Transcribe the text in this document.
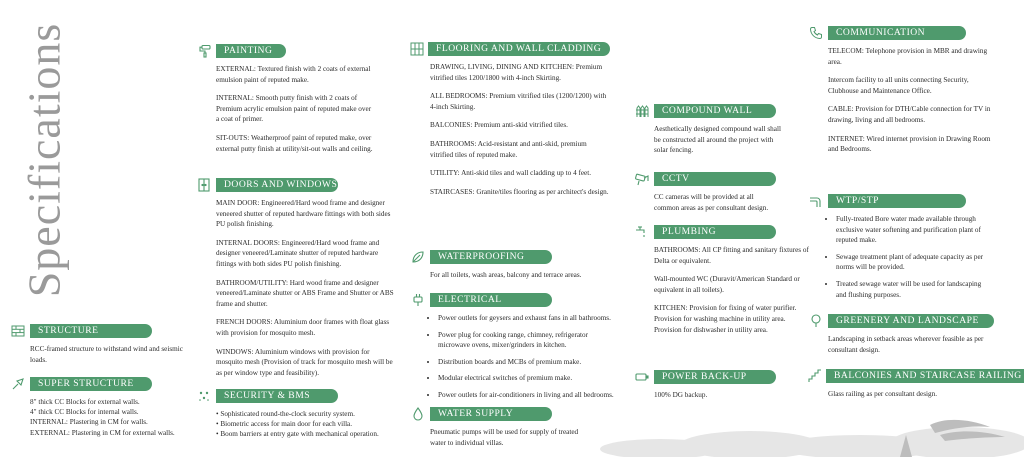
Specifications
STRUCTURE

RCC-framed structure to withstand wind and seismic loads.

SUPER STRUCTURE
8" thick CC Blocks for external walls.
4" thick CC Blocks for internal walls.
INTERNAL: Plastering in CM for walls.
EXTERNAL: Plastering in CM for external walls.
PAINTING

EXTERNAL: Textured finish with 2 coats of external emulsion paint of reputed make.

INTERNAL: Smooth putty finish with 2 coats of Premium acrylic emulsion paint of reputed make over a coat of primer.

SIT-OUTS: Weatherproof paint of reputed make, over external putty finish at utility/sit-out walls and ceiling.

DOORS AND WINDOWS

MAIN DOOR: Engineered/Hard wood frame and designer veneered shutter of reputed hardware fittings with both sides PU polish finishing.

INTERNAL DOORS: Engineered/Hard wood frame and designer veneered/Laminate shutter of reputed hardware fittings with both sides PU polish finishing.

BATHROOM/UTILITY: Hard wood frame and designer veneered/Laminate shutter or ABS Frame and Shutter or ABS frame and shutter.

FRENCH DOORS: Aluminium door frames with float glass with provision for mosquito mesh.

WINDOWS: Aluminium windows with provision for mosquito mesh (Provision of track for mosquito mesh will be as per window type and feasibility).

SECURITY & BMS
• Sophisticated round-the-clock security system.
• Biometric access for main door for each villa.
• Boom barriers at entry gate with mechanical operation.
FLOORING AND WALL CLADDING

DRAWING, LIVING, DINING AND KITCHEN: Premium vitrified tiles 1200/1800 with 4-inch Skirting.

ALL BEDROOMS: Premium vitrified tiles (1200/1200) with 4-inch Skirting.

BALCONIES: Premium anti-skid vitrified tiles.

BATHROOMS: Acid-resistant and anti-skid, premium vitrified tiles of reputed make.

UTILITY: Anti-skid tiles and wall cladding up to 4 feet.

STAIRCASES: Granite/tiles flooring as per architect's design.

WATERPROOFING

For all toilets, wash areas, balcony and terrace areas.

ELECTRICAL
• Power outlets for geysers and exhaust fans in all bathrooms.
• Power plug for cooking range, chimney, refrigerator microwave ovens, mixer/grinders in kitchen.
• Distribution boards and MCBs of premium make.
• Modular electrical switches of premium make.
• Power outlets for air-conditioners in living and all bedrooms.
WATER SUPPLY

Pneumatic pumps will be used for supply of treated water to individual villas.

COMPOUND WALL

Aesthetically designed compound wall shall be constructed all around the project with solar fencing.

CCTV

CC cameras will be provided at all common areas as per consultant design.

PLUMBING

BATHROOMS: All CP fitting and sanitary fixtures of Delta or equivalent.

Wall-mounted WC (Duravit/American Standard or equivalent in all toilets).

KITCHEN: Provision for fixing of water purifier. Provision for washing machine in utility area. Provision for dishwasher in utility area.

POWER BACK-UP

100% DG backup.

COMMUNICATION

TELECOM: Telephone provision in MBR and drawing area.

Intercom facility to all units connecting Security, Clubhouse and Maintenance Office.

CABLE: Provision for DTH/Cable connection for TV in drawing, living and all bedrooms.

INTERNET: Wired internet provision in Drawing Room and Bedrooms.

WTP/STP
• Fully-treated Bore water made available through exclusive water softening and purification plant of reputed make.
• Sewage treatment plant of adequate capacity as per norms will be provided.
• Treated sewage water will be used for landscaping and flushing purposes.
GREENERY AND LANDSCAPE

Landscaping in setback areas wherever feasible as per consultant design.

BALCONIES AND STAIRCASE RAILING

Glass railing as per consultant design.
